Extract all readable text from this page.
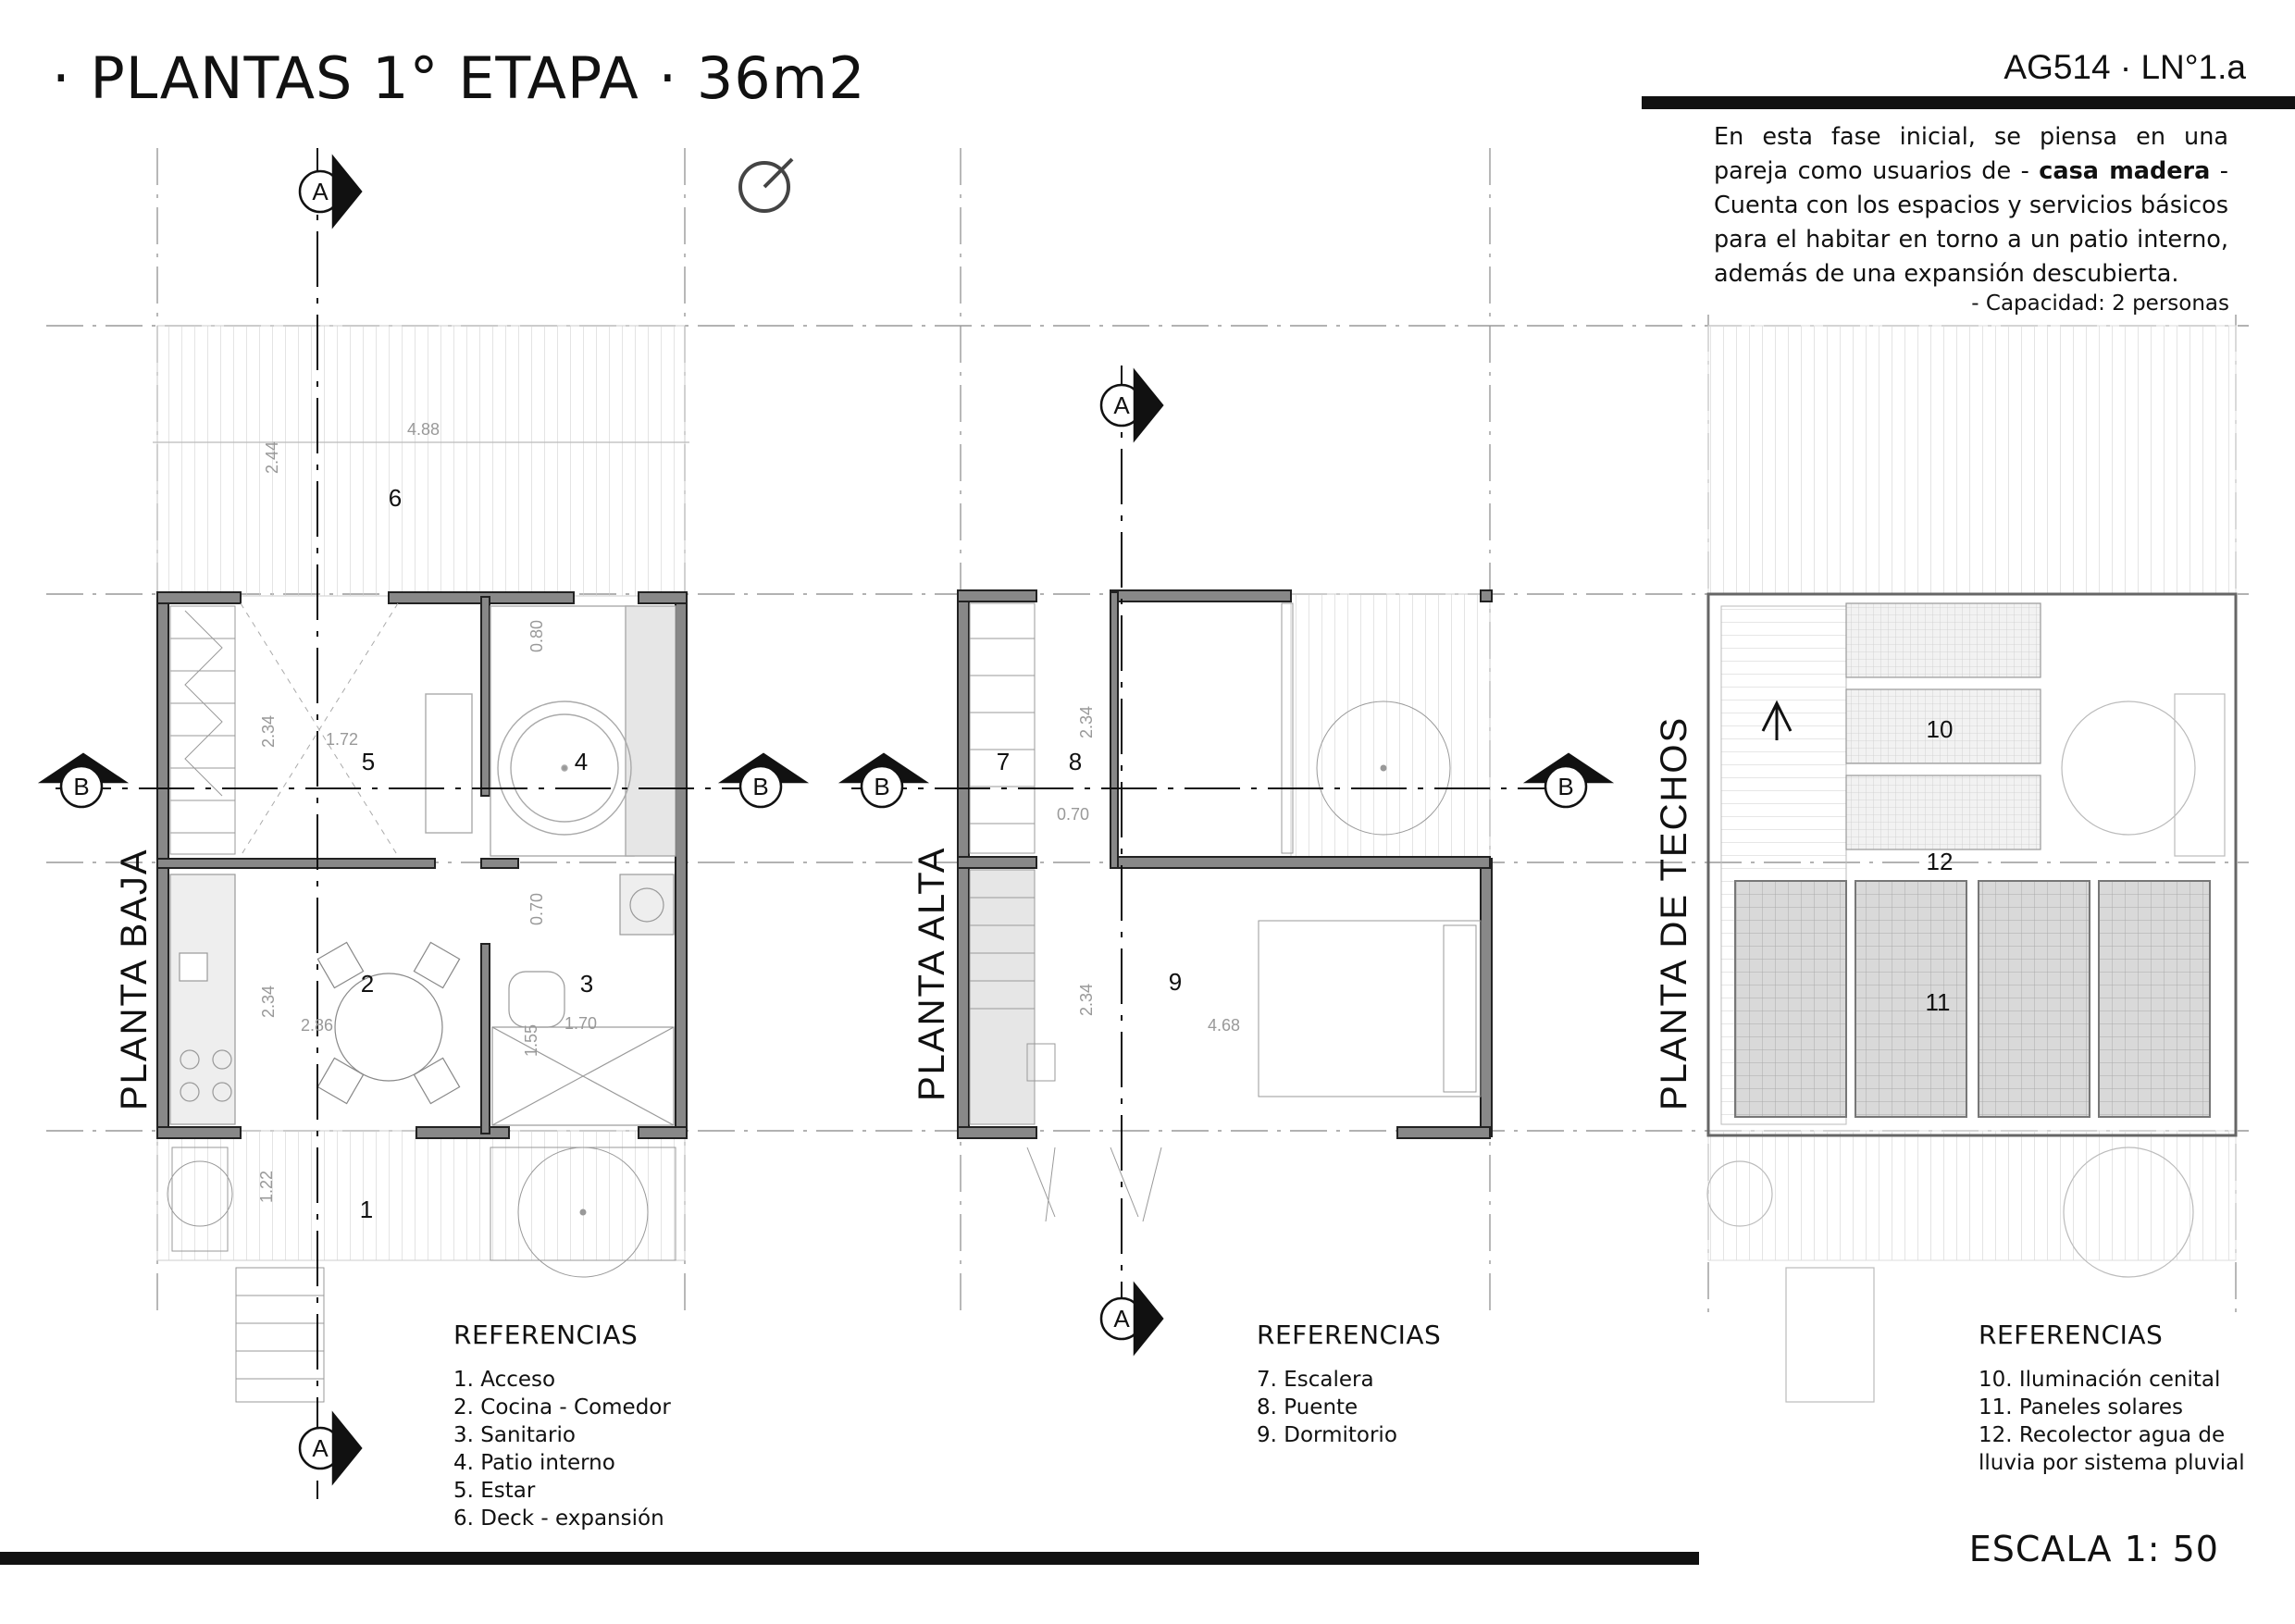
· PLANTAS 1° ETAPA · 36m2	AG514 · LN°1.a
En esta fase inicial, se piensa en una pareja como usuarios de - casa madera - Cuenta con los espacios y servicios básicos para el habitar en torno a un patio interno, además de una expansión descubierta.
- Capacidad: 2 personas
A
A
A
A
B	B	B	B
PLANTA BAJA	PLANTA ALTA	PLANTA DE TECHOS
1
2	3
4
5
6
7 8
9
10
12
11
4.88
2.44
0.80
2.34	1.72
0.70
2.34
2.86	1.55
1.70
1.22
2.34
0.70
2.34
4.68
REFERENCIAS
1. Acceso
2. Cocina - Comedor
3. Sanitario
4. Patio interno
5. Estar
6. Deck - expansión
REFERENCIAS
7. Escalera
8. Puente
9. Dormitorio
REFERENCIAS
10. Iluminación cenital
11. Paneles solares
12. Recolector agua de
lluvia por sistema pluvial
ESCALA 1: 50
